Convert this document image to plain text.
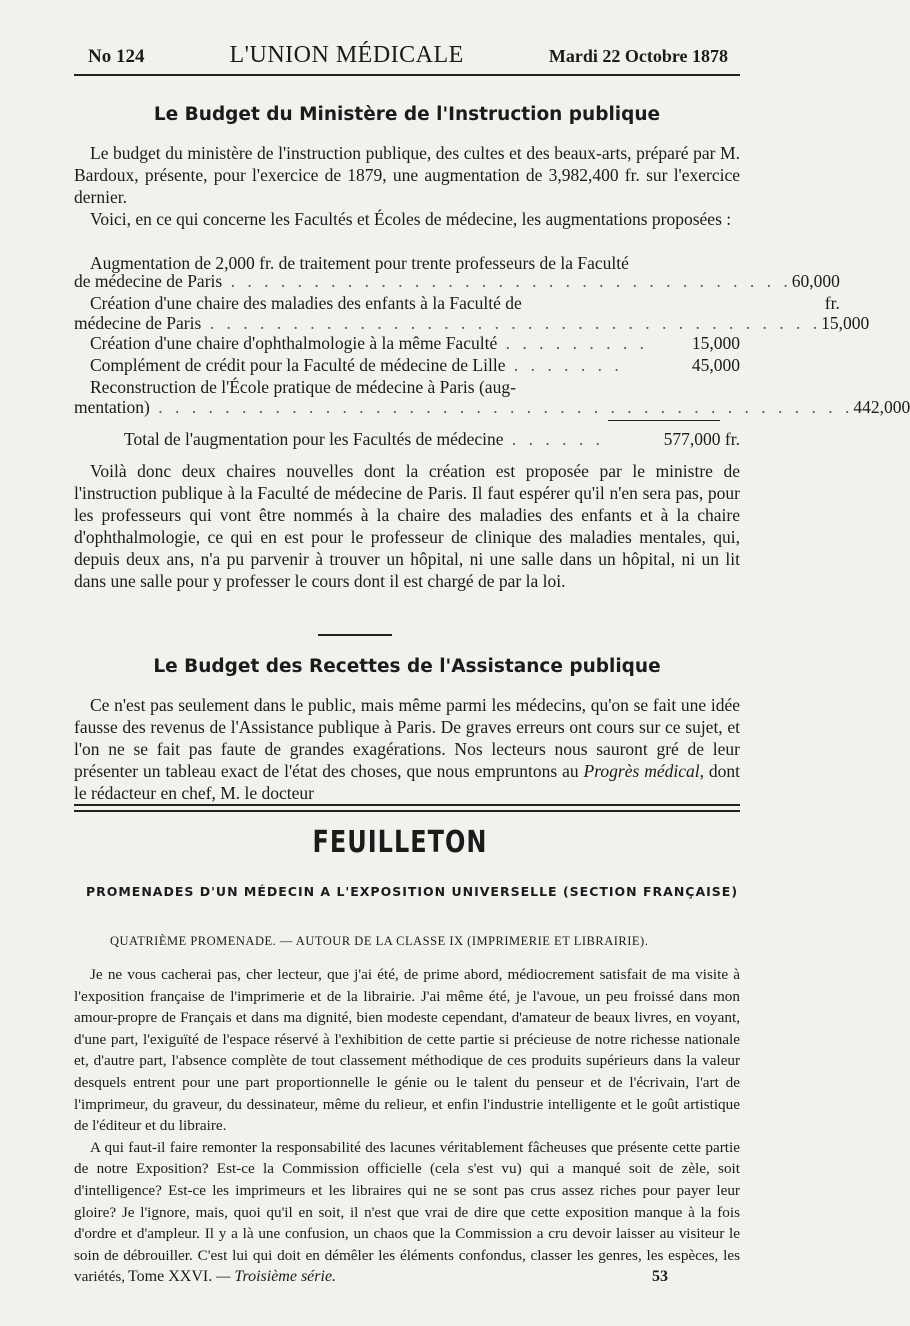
No 124	L'UNION MÉDICALE	Mardi 22 Octobre 1878
Le Budget du Ministère de l'Instruction publique
Le budget du ministère de l'instruction publique, des cultes et des beaux-arts, préparé par M. Bardoux, présente, pour l'exercice de 1879, une augmentation de 3,982,400 fr. sur l'exercice dernier.
Voici, en ce qui concerne les Facultés et Écoles de médecine, les augmentations proposées :
Augmentation de 2,000 fr. de traitement pour trente professeurs de la Faculté
de médecine de Paris . . . . . . . . . . . . . . . . . . . . . . . . . . . . . . . . . . 60,000 fr.
Création d'une chaire des maladies des enfants à la Faculté de
médecine de Paris . . . . . . . . . . . . . . . . . . . . . . . . . . . . . . . . . . . . . 15,000
Création d'une chaire d'ophthalmologie à la même Faculté . . . . . . . . .	15,000
Complément de crédit pour la Faculté de médecine de Lille . . . . . . .	45,000
Reconstruction de l'École pratique de médecine à Paris (aug-
mentation) . . . . . . . . . . . . . . . . . . . . . . . . . . . . . . . . . . . . . . . . . . 442,000
Total de l'augmentation pour les Facultés de médecine . . . . . .	577,000 fr.
Voilà donc deux chaires nouvelles dont la création est proposée par le ministre de l'instruction publique à la Faculté de médecine de Paris. Il faut espérer qu'il n'en sera pas, pour les professeurs qui vont être nommés à la chaire des maladies des enfants et à la chaire d'ophthalmologie, ce qui en est pour le professeur de clinique des maladies mentales, qui, depuis deux ans, n'a pu parvenir à trouver un hôpital, ni une salle dans un hôpital, ni un lit dans une salle pour y professer le cours dont il est chargé de par la loi.
Le Budget des Recettes de l'Assistance publique
Ce n'est pas seulement dans le public, mais même parmi les médecins, qu'on se fait une idée fausse des revenus de l'Assistance publique à Paris. De graves erreurs ont cours sur ce sujet, et l'on ne se fait pas faute de grandes exagérations. Nos lecteurs nous sauront gré de leur présenter un tableau exact de l'état des choses, que nous empruntons au Progrès médical, dont le rédacteur en chef, M. le docteur
FEUILLETON
PROMENADES D'UN MÉDECIN A L'EXPOSITION UNIVERSELLE (SECTION FRANÇAISE)
QUATRIÈME PROMENADE. — AUTOUR DE LA CLASSE IX (IMPRIMERIE ET LIBRAIRIE).

Je ne vous cacherai pas, cher lecteur, que j'ai été, de prime abord, médiocrement satisfait de ma visite à l'exposition française de l'imprimerie et de la librairie. J'ai même été, je l'avoue, un peu froissé dans mon amour-propre de Français et dans ma dignité, bien modeste cependant, d'amateur de beaux livres, en voyant, d'une part, l'exiguïté de l'espace réservé à l'exhibition de cette partie si précieuse de notre richesse nationale et, d'autre part, l'absence complète de tout classement méthodique de ces produits supérieurs dans la valeur desquels entrent pour une part proportionnelle le génie ou le talent du penseur et de l'écrivain, l'art de l'imprimeur, du graveur, du dessinateur, même du relieur, et enfin l'industrie intelligente et le goût artistique de l'éditeur et du libraire.

A qui faut-il faire remonter la responsabilité des lacunes véritablement fâcheuses que présente cette partie de notre Exposition? Est-ce la Commission officielle (cela s'est vu) qui a manqué soit de zèle, soit d'intelligence? Est-ce les imprimeurs et les libraires qui ne se sont pas crus assez riches pour payer leur gloire? Je l'ignore, mais, quoi qu'il en soit, il n'est que vrai de dire que cette exposition manque à la fois d'ordre et d'ampleur. Il y a là une confusion, un chaos que la Commission a cru devoir laisser au visiteur le soin de débrouiller. C'est lui qui doit en démêler les éléments confondus, classer les genres, les espèces, les variétés, Tome XXVI. — Troisième série.	53
